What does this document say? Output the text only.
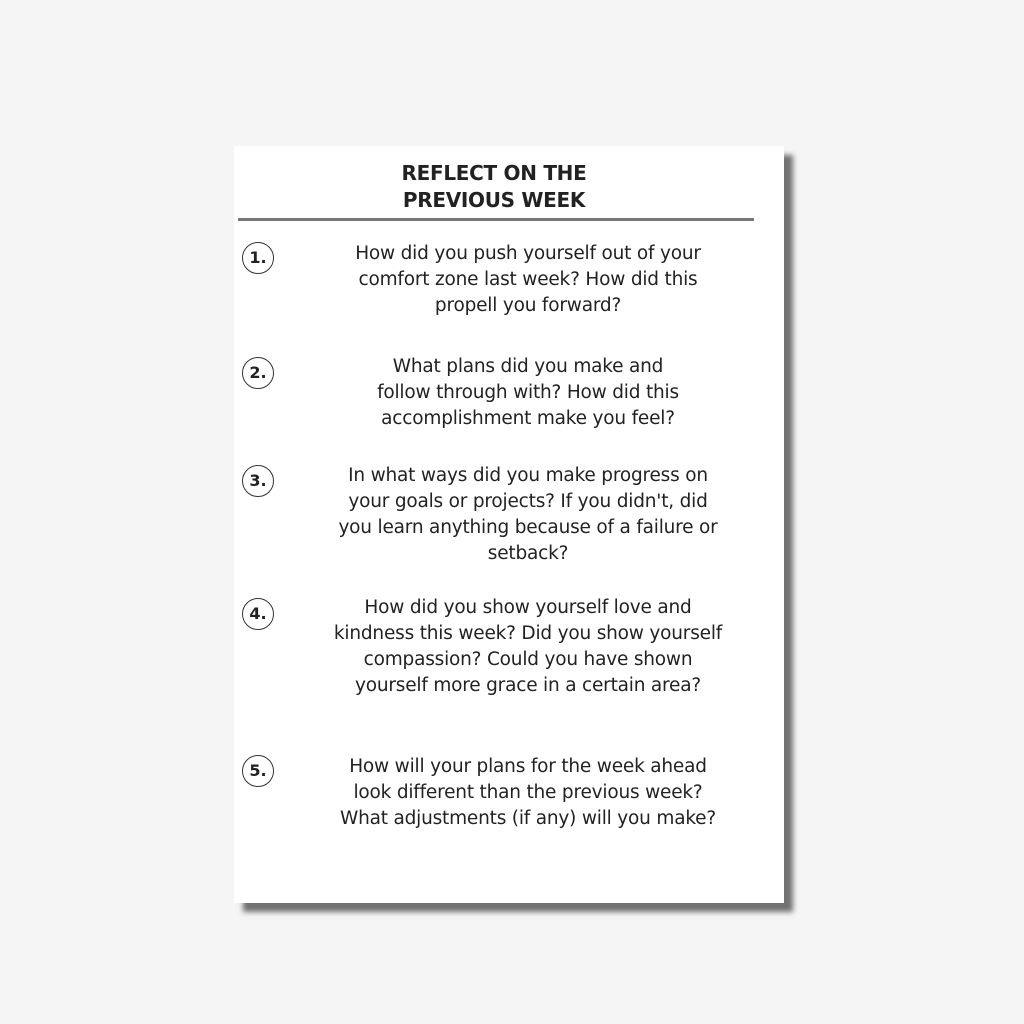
REFLECT ON THE
PREVIOUS WEEK
1.	How did you push yourself out of your
comfort zone last week? How did this
propell you forward?
2.	What plans did you make and
follow through with? How did this
accomplishment make you feel?
3.	In what ways did you make progress on
your goals or projects? If you didn't, did
you learn anything because of a failure or
setback?
4.	How did you show yourself love and
kindness this week? Did you show yourself
compassion? Could you have shown
yourself more grace in a certain area?
5.	How will your plans for the week ahead
look different than the previous week?
What adjustments (if any) will you make?
